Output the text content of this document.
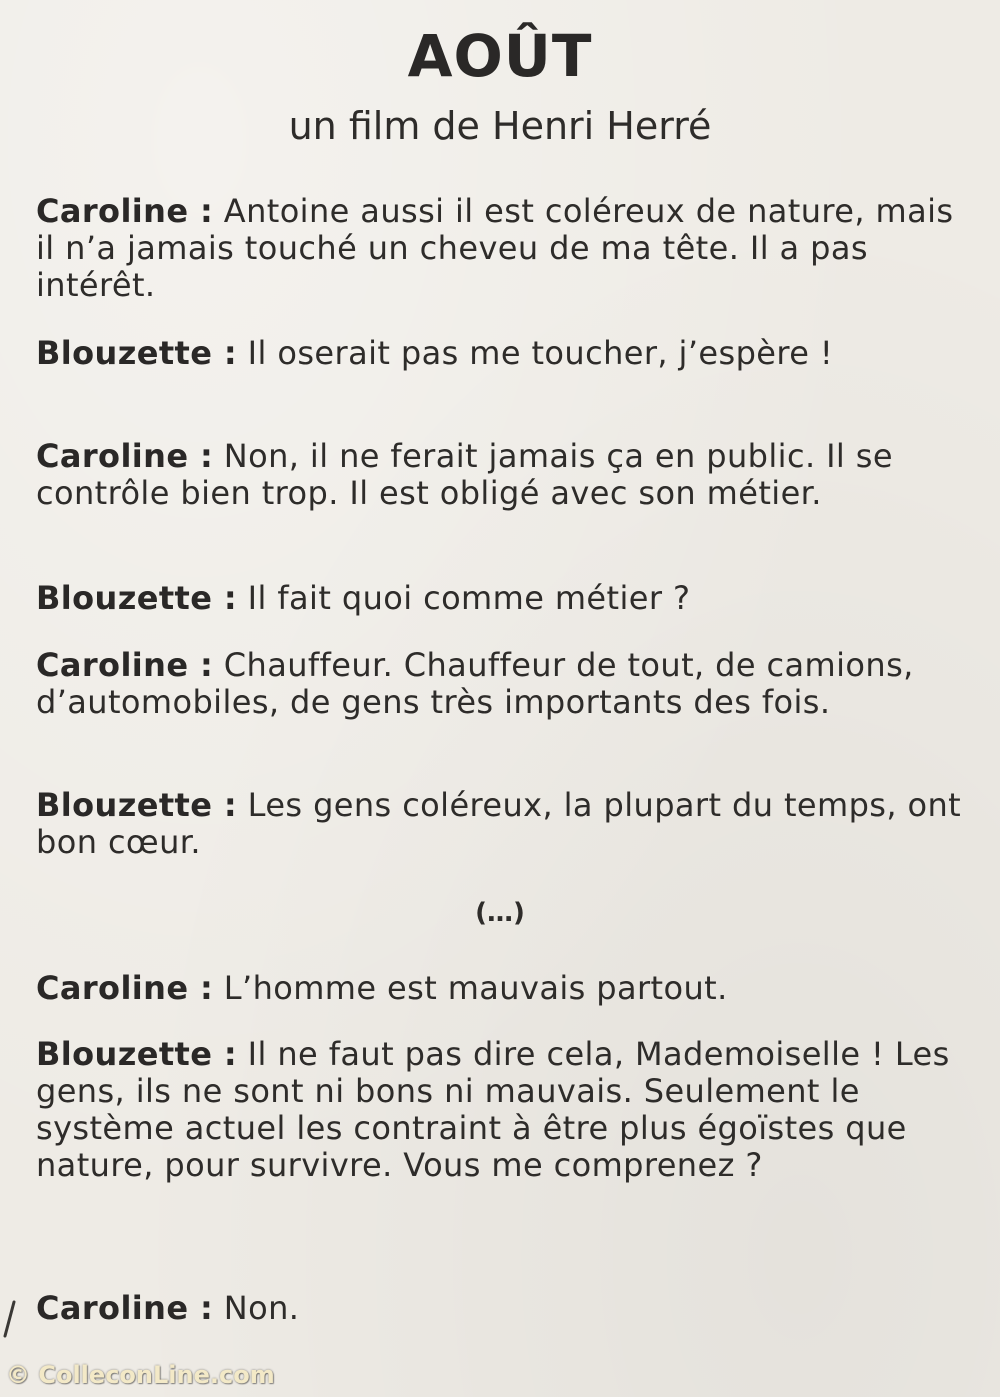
AOÛT
un film de Henri Herré
Caroline : Antoine aussi il est coléreux de nature, mais il n’a jamais touché un cheveu de ma tête. Il a pas intérêt.
Blouzette : Il oserait pas me toucher, j’espère !
Caroline : Non, il ne ferait jamais ça en public. Il se contrôle bien trop. Il est obligé avec son métier.
Blouzette : Il fait quoi comme métier ?
Caroline : Chauffeur. Chauffeur de tout, de camions, d’automobiles, de gens très importants des fois.
Blouzette : Les gens coléreux, la plupart du temps, ont bon cœur.
(…)
Caroline : L’homme est mauvais partout.
Blouzette : Il ne faut pas dire cela, Mademoiselle ! Les gens, ils ne sont ni bons ni mauvais. Seulement le système actuel les contraint à être plus égoïstes que nature, pour survivre. Vous me comprenez ?
Caroline : Non.
© ColleconLine.com
